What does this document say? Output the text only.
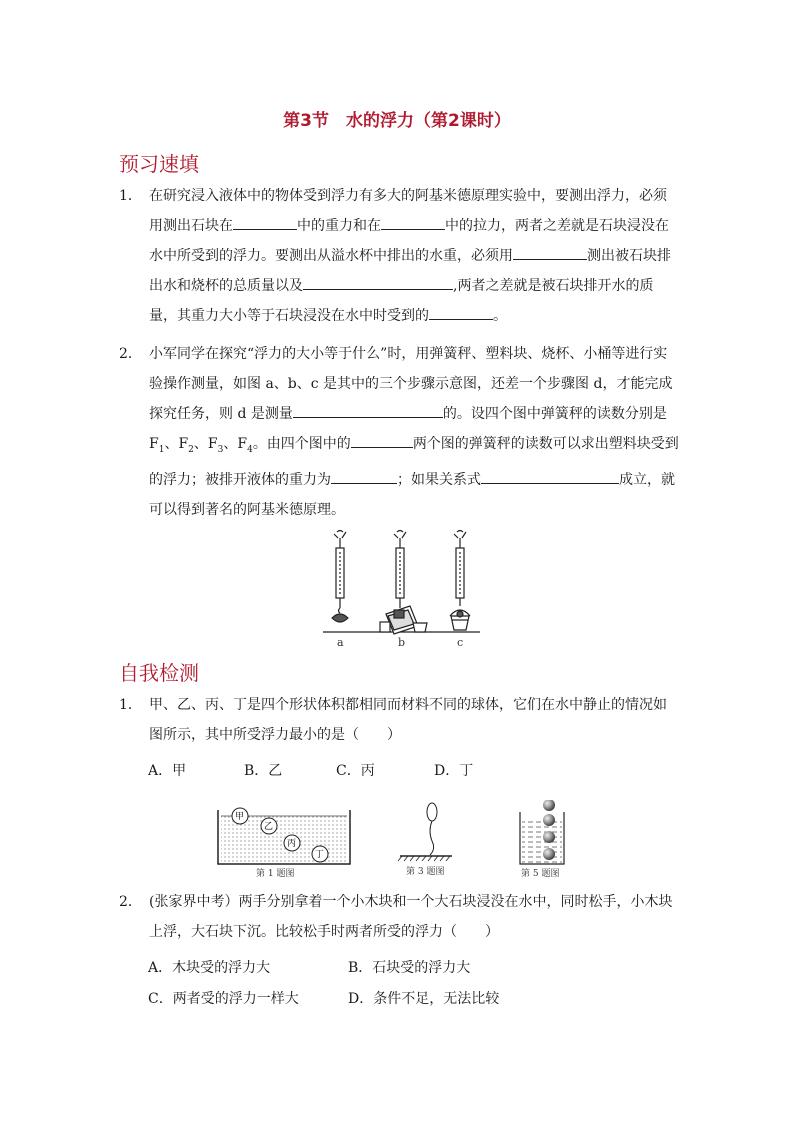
第3节　水的浮力（第2课时）
预习速填
1． 在研究浸入液体中的物体受到浮力有多大的阿基米德原理实验中，要测出浮力，必须用测出石块在	中的重力和在	中的拉力，两者之差就是石块浸没在水中所受到的浮力。要测出从溢水杯中排出的水重，必须用	测出被石块排出水和烧杯的总质量以及	,两者之差就是被石块排开水的质量，其重力大小等于石块浸没在水中时受到的	。
2． 小军同学在探究“浮力的大小等于什么”时，用弹簧秤、塑料块、烧杯、小桶等进行实验操作测量，如图 a、b、c 是其中的三个步骤示意图，还差一个步骤图 d，才能完成探究任务，则 d 是测量	的。设四个图中弹簧秤的读数分别是 $F_1$、$F_2$、$F_3$、$F_4$。由四个图中的	两个图的弹簧秤的读数可以求出塑料块受到的浮力；被排开液体的重力为	；如果关系式	成立，就可以得到著名的阿基米德原理。
a	b	c
自我检测
1． 甲、乙、丙、丁是四个形状体积都相同而材料不同的球体，它们在水中静止的情况如图所示，其中所受浮力最小的是（　　）
A．甲	B．乙	C．丙	D．丁
甲
乙
丙
丁
第 1 题图	第 3 题图	第 5 题图
2． (张家界中考）两手分别拿着一个小木块和一个大石块浸没在水中，同时松手，小木块上浮，大石块下沉。比较松手时两者所受的浮力（　　）
A．木块受的浮力大	B．石块受的浮力大
C．两者受的浮力一样大	D．条件不足，无法比较
